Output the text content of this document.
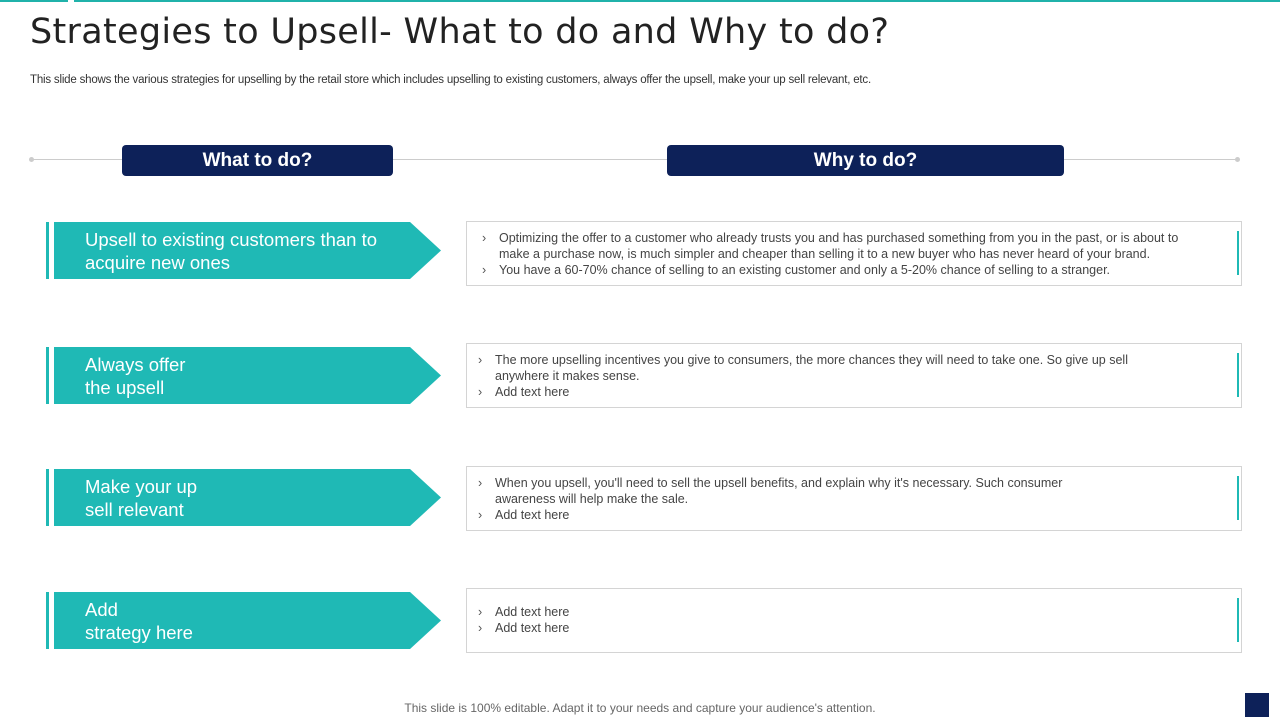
Strategies to Upsell- What to do and Why to do?
This slide shows the various strategies for upselling by the retail store which includes upselling to existing customers, always offer the upsell, make your up sell relevant, etc.
What to do?	Why to do?
Upsell to existing customers than to
acquire new ones
› Optimizing the offer to a customer who already trusts you and has purchased something from you in the past, or is about to make a purchase now, is much simpler and cheaper than selling it to a new buyer who has never heard of your brand.
› You have a 60-70% chance of selling to an existing customer and only a 5-20% chance of selling to a stranger.
Always offer
the upsell
› The more upselling incentives you give to consumers, the more chances they will need to take one. So give up sell anywhere it makes sense.
› Add text here
Make your up
sell relevant
› When you upsell, you'll need to sell the upsell benefits, and explain why it's necessary. Such consumer awareness will help make the sale.
› Add text here
Add
strategy here
› Add text here
› Add text here
This slide is 100% editable. Adapt it to your needs and capture your audience's attention.
